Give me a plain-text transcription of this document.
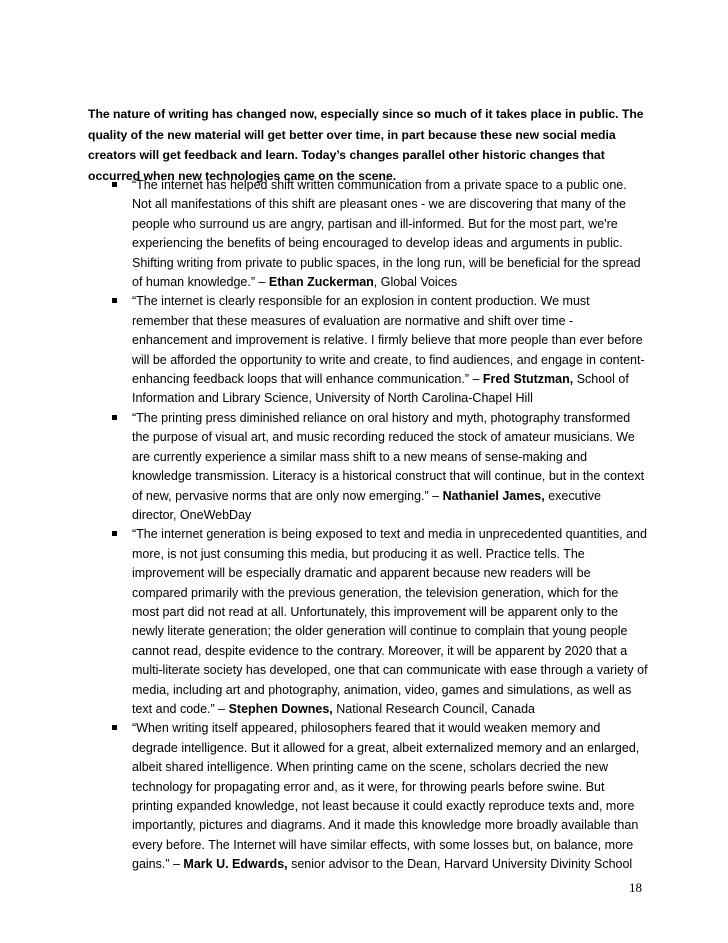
The nature of writing has changed now, especially since so much of it takes place in public. The quality of the new material will get better over time, in part because these new social media creators will get feedback and learn. Today’s changes parallel other historic changes that occurred when new technologies came on the scene.

“The internet has helped shift written communication from a private space to a public one. Not all manifestations of this shift are pleasant ones - we are discovering that many of the people who surround us are angry, partisan and ill-informed. But for the most part, we're experiencing the benefits of being encouraged to develop ideas and arguments in public. Shifting writing from private to public spaces, in the long run, will be beneficial for the spread of human knowledge.” – Ethan Zuckerman, Global Voices
“The internet is clearly responsible for an explosion in content production. We must remember that these measures of evaluation are normative and shift over time - enhancement and improvement is relative. I firmly believe that more people than ever before will be afforded the opportunity to write and create, to find audiences, and engage in content-enhancing feedback loops that will enhance communication.” – Fred Stutzman, School of Information and Library Science, University of North Carolina-Chapel Hill
“The printing press diminished reliance on oral history and myth, photography transformed the purpose of visual art, and music recording reduced the stock of amateur musicians. We are currently experience a similar mass shift to a new means of sense-making and knowledge transmission. Literacy is a historical construct that will continue, but in the context of new, pervasive norms that are only now emerging.” – Nathaniel James, executive director, OneWebDay
“The internet generation is being exposed to text and media in unprecedented quantities, and more, is not just consuming this media, but producing it as well. Practice tells. The improvement will be especially dramatic and apparent because new readers will be compared primarily with the previous generation, the television generation, which for the most part did not read at all. Unfortunately, this improvement will be apparent only to the newly literate generation; the older generation will continue to complain that young people cannot read, despite evidence to the contrary. Moreover, it will be apparent by 2020 that a multi-literate society has developed, one that can communicate with ease through a variety of media, including art and photography, animation, video, games and simulations, as well as text and code.” – Stephen Downes, National Research Council, Canada
“When writing itself appeared, philosophers feared that it would weaken memory and degrade intelligence. But it allowed for a great, albeit externalized memory and an enlarged, albeit shared intelligence. When printing came on the scene, scholars decried the new technology for propagating error and, as it were, for throwing pearls before swine. But printing expanded knowledge, not least because it could exactly reproduce texts and, more importantly, pictures and diagrams. And it made this knowledge more broadly available than every before. The Internet will have similar effects, with some losses but, on balance, more gains.” – Mark U. Edwards, senior advisor to the Dean, Harvard University Divinity School
18
